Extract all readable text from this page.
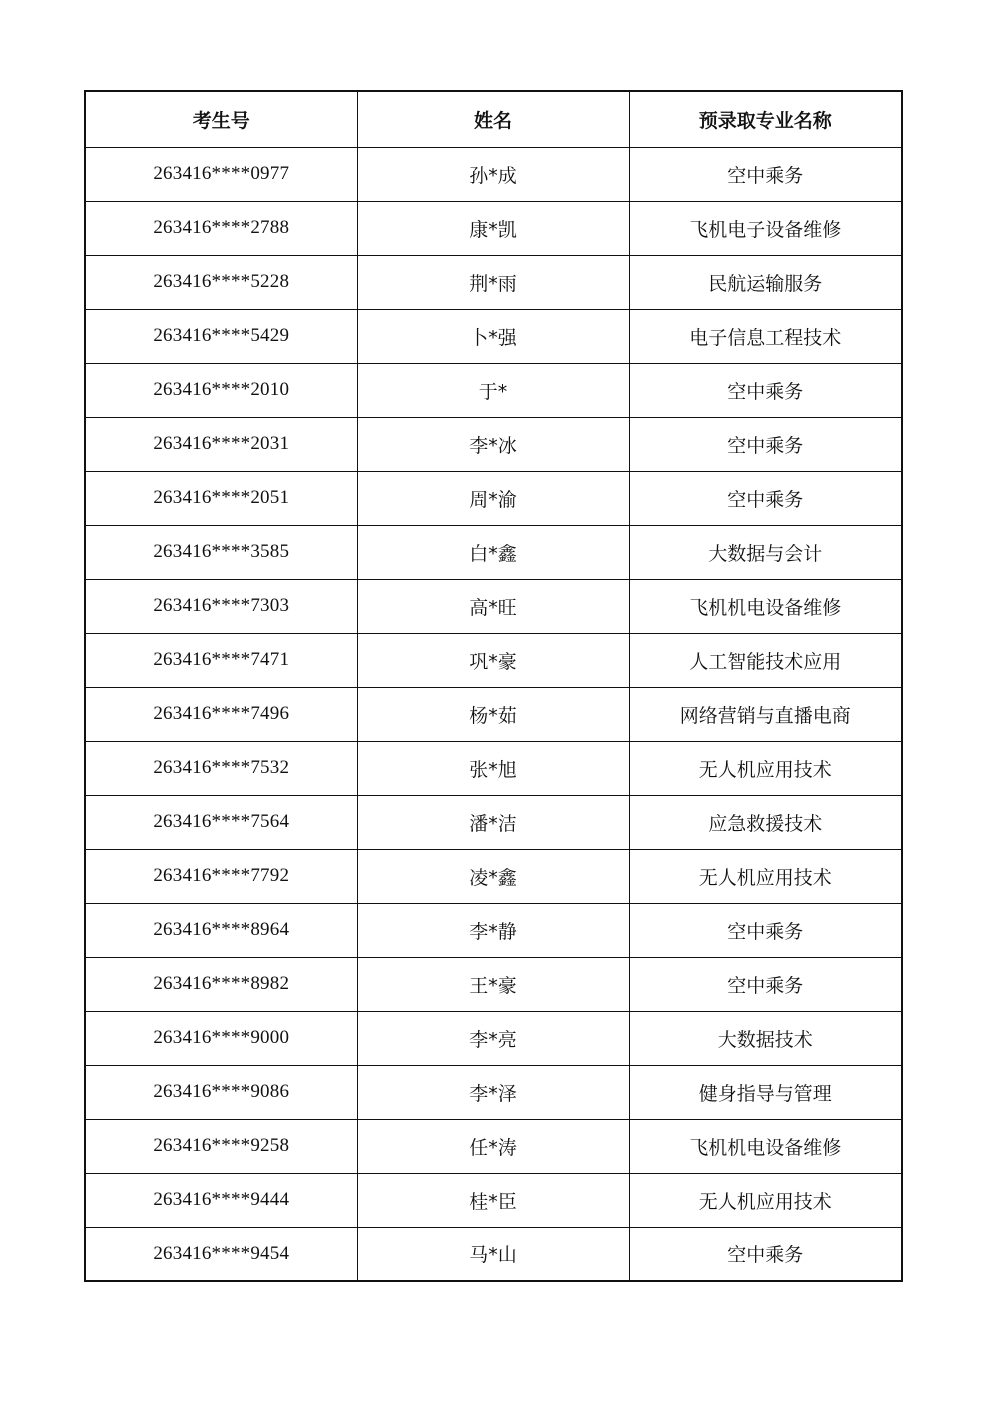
考生号	姓名	预录取专业名称
263416****0977	孙*成	空中乘务
263416****2788	康*凯	飞机电子设备维修
263416****5228	荆*雨	民航运输服务
263416****5429	卜*强	电子信息工程技术
263416****2010	于*	空中乘务
263416****2031	李*冰	空中乘务
263416****2051	周*渝	空中乘务
263416****3585	白*鑫	大数据与会计
263416****7303	高*旺	飞机机电设备维修
263416****7471	巩*豪	人工智能技术应用
263416****7496	杨*茹	网络营销与直播电商
263416****7532	张*旭	无人机应用技术
263416****7564	潘*洁	应急救援技术
263416****7792	凌*鑫	无人机应用技术
263416****8964	李*静	空中乘务
263416****8982	王*豪	空中乘务
263416****9000	李*亮	大数据技术
263416****9086	李*泽	健身指导与管理
263416****9258	任*涛	飞机机电设备维修
263416****9444	桂*臣	无人机应用技术
263416****9454	马*山	空中乘务
